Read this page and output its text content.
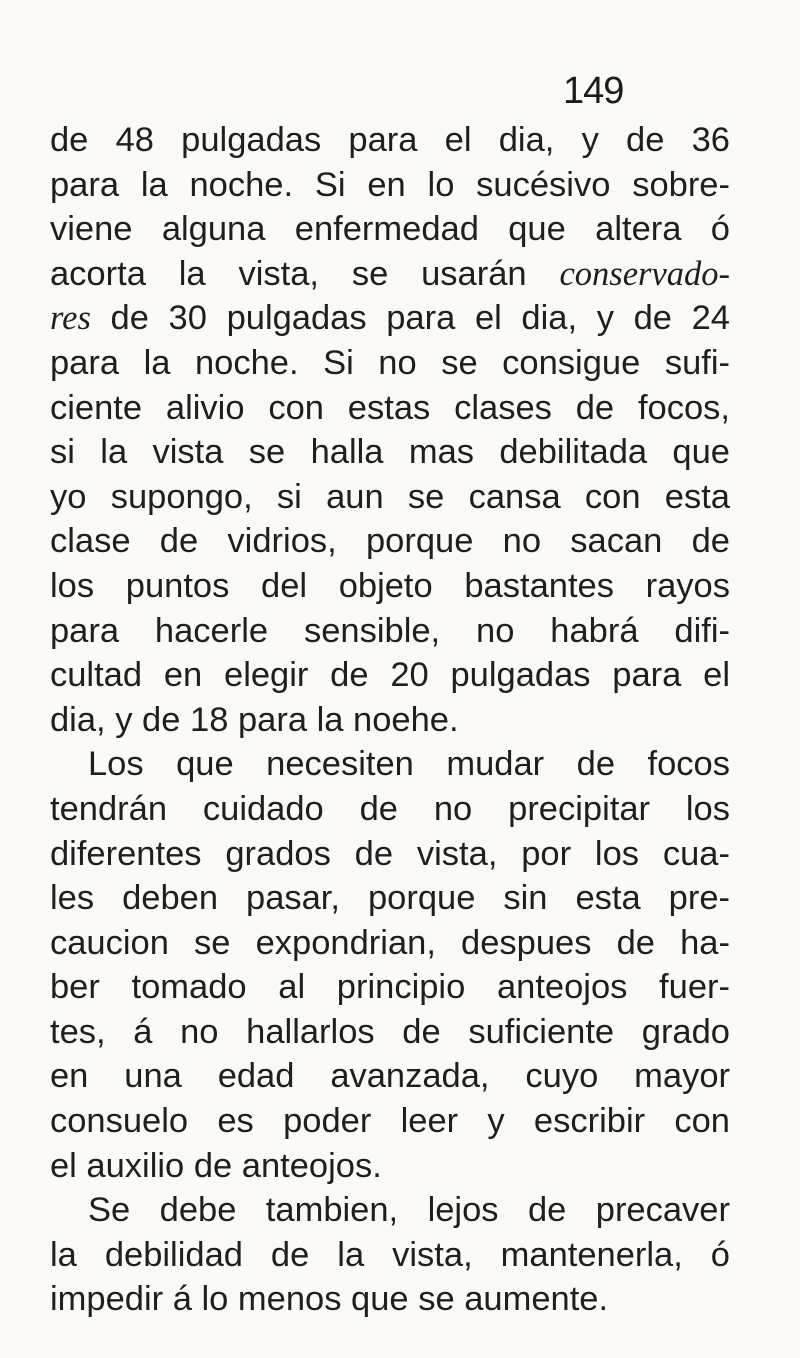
149
de 48 pulgadas para el dia, y de 36
para la noche. Si en lo sucésivo sobre-
viene alguna enfermedad que altera ó
acorta la vista, se usarán conservado-
res de 30 pulgadas para el dia, y de 24
para la noche. Si no se consigue sufi-
ciente alivio con estas clases de focos,
si la vista se halla mas debilitada que
yo supongo, si aun se cansa con esta
clase de vidrios, porque no sacan de
los puntos del objeto bastantes rayos
para hacerle sensible, no habrá difi-
cultad en elegir de 20 pulgadas para el
dia, y de 18 para la noehe.
Los que necesiten mudar de focos
tendrán cuidado de no precipitar los
diferentes grados de vista, por los cua-
les deben pasar, porque sin esta pre-
caucion se expondrian, despues de ha-
ber tomado al principio anteojos fuer-
tes, á no hallarlos de suficiente grado
en una edad avanzada, cuyo mayor
consuelo es poder leer y escribir con
el auxilio de anteojos.
Se debe tambien, lejos de precaver
la debilidad de la vista, mantenerla, ó
impedir á lo menos que se aumente.
